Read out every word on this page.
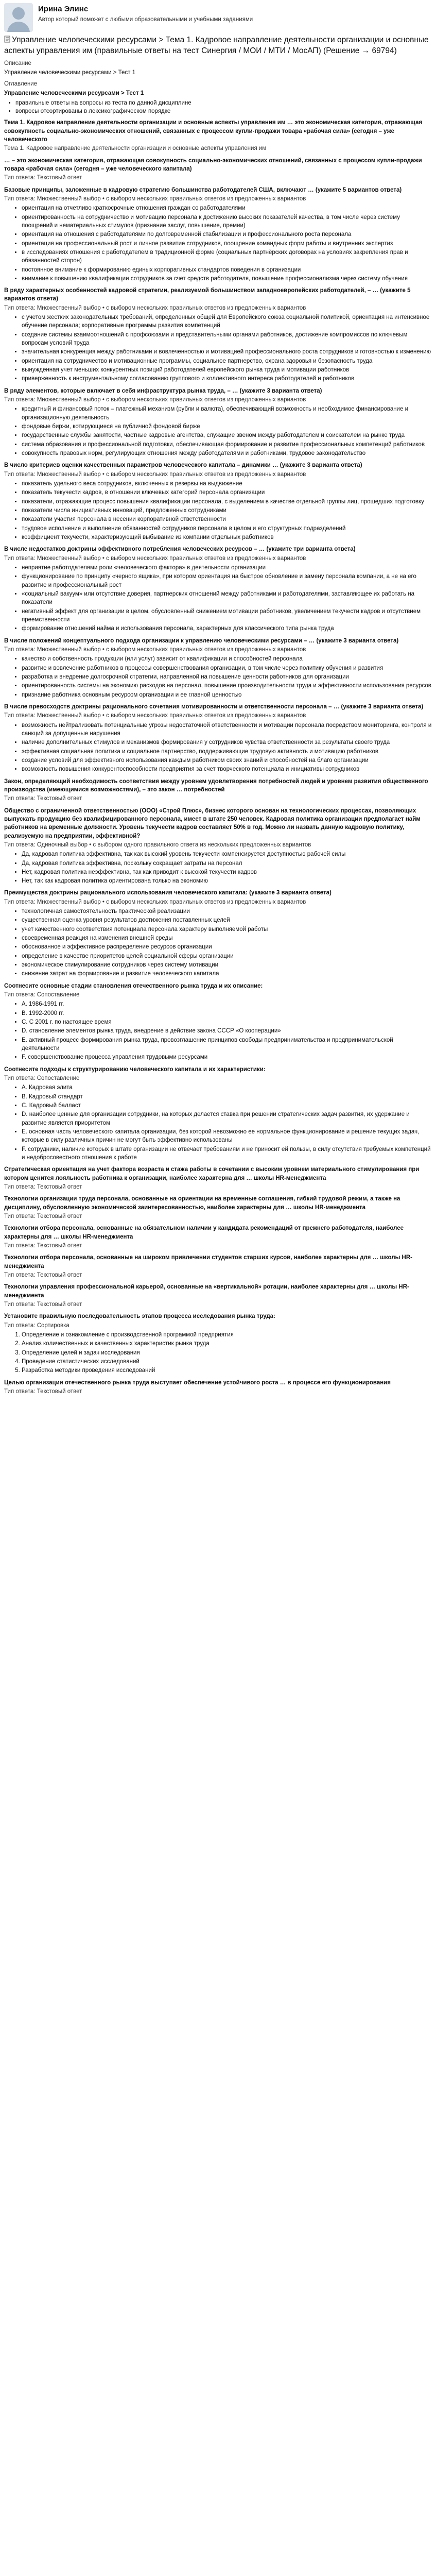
Ирина Элинс
Автор который поможет с любыми образовательными и учебными заданиями
Управление человеческими ресурсами > Тема 1. Кадровое направление деятельности организации и основные аспекты управления им (правильные ответы на тест Синергия / МОИ / МТИ / МосАП) (Решение → 69794)
Описание
Управление человеческими ресурсами > Тест 1
Оглавление
Управление человеческими ресурсами > Тест 1
• правильные ответы на вопросы из теста по данной дисциплине
• вопросы отсортированы в лексикографическом порядке
Тема 1. Кадровое направление деятельности организации и основные аспекты управления им … это экономическая категория, отражающая совокупность социально-экономических отношений, связанных с процессом купли-продажи товара «рабочая сила» (сегодня – уже человеческого
Тема 1. Кадровое направление деятельности организации и основные аспекты управления им
… – это экономическая категория, отражающая совокупность социально-экономических отношений, связанных с процессом купли-продажи товара «рабочая сила» (сегодня – уже человеческого капитала)
Тип ответа: Текcтовый ответ
Базовые принципы, заложенные в кадровую стратегию большинства работодателей США, включают … (укажите 5 вариантов ответа)
Тип ответа: Множественный выбор • с выбором нескольких правильных ответов из предложенных вариантов
• ориентация на отчетливо краткосрочные отношения граждан со работодателями
• ориентированность на сотрудничество и мотивацию персонала к достижению высоких показателей качества, в том числе через систему поощрений и нематериальных стимулов (признание заслуг, повышение, премии)
• ориентация на отношения с работодателями по долговременной стабилизации и профессионального роста персонала
• ориентация на профессиональный рост и личное развитие сотрудников, поощрение командных форм работы и внутренних экспертиз
• в исследованиях отношения с работодателем в традиционной форме (социальных партнёрских договорах на условиях закрепления прав и обязанностей сторон)
• постоянное внимание к формированию единых корпоративных стандартов поведения в организации
• внимание к повышению квалификации сотрудников за счет средств работодателя, повышение профессионализма через систему обучения
В ряду характерных особенностей кадровой стратегии, реализуемой большинством западноевропейских работодателей, – … (укажите 5 вариантов ответа)
Тип ответа: Множественный выбор • с выбором нескольких правильных ответов из предложенных вариантов
• с учетом жестких законодательных требований, определенных общей для Европейского союза социальной политикой, ориентация на интенсивное обучение персонала; корпоративные программы развития компетенций
• создание системы взаимоотношений с профсоюзами и представительными органами работников, достижение компромиссов по ключевым вопросам условий труда
• значительная конкуренция между работниками и вовлеченностью и мотивацией профессионального роста сотрудников и готовностью к изменению
• ориентация на сотрудничество и мотивационные программы, социальное партнерство, охрана здоровья и безопасность труда
• вынужденная учет меньших конкурентных позиций работодателей европейского рынка труда и мотивации работников
• приверженность к инструментальному согласованию группового и коллективного интереса работодателей и работников
В ряду элементов, которые включает в себя инфраструктура рынка труда, – … (укажите 3 варианта ответа)
Тип ответа: Множественный выбор • с выбором нескольких правильных ответов из предложенных вариантов
• кредитный и финансовый поток – платежный механизм (рубли и валюта), обеспечивающий возможность и необходимое финансирование и организационную деятельность
• фондовые биржи, котирующиеся на публичной фондовой бирже
• государственные службы занятости, частные кадровые агентства, служащие звеном между работодателем и соискателем на рынке труда
• система образования и профессиональной подготовки, обеспечивающая формирование и развитие профессиональных компетенций работников
• совокупность правовых норм, регулирующих отношения между работодателями и работниками, трудовое законодательство
В число критериев оценки качественных параметров человеческого капитала – динамики … (укажите 3 варианта ответа)
Тип ответа: Множественный выбор • с выбором нескольких правильных ответов из предложенных вариантов
• показатель удельного веса сотрудников, включенных в резервы на выдвижение
• показатель текучести кадров, в отношении ключевых категорий персонала организации
• показатели, отражающие процесс повышения квалификации персонала, с выделением в качестве отдельной группы лиц, прошедших подготовку
• показатели числа инициативных инноваций, предложенных сотрудниками
• показатели участия персонала в несении корпоративной ответственности
• трудовое исполнение и выполнение обязанностей сотрудников персонала в целом и его структурных подразделений
• коэффициент текучести, характеризующий выбывание из компании отдельных работников
В числе недостатков доктрины эффективного потребления человеческих ресурсов – … (укажите три варианта ответа)
Тип ответа: Множественный выбор • с выбором нескольких правильных ответов из предложенных вариантов
• неприятие работодателями роли «человеческого фактора» в деятельности организации
• функционирование по принципу «черного ящика», при котором ориентация на быстрое обновление и замену персонала компании, а не на его развитие и профессиональный рост
• «социальный вакуум» или отсутствие доверия, партнерских отношений между работниками и работодателями, заставляющее их работать на показатели
• негативный эффект для организации в целом, обусловленный снижением мотивации работников, увеличением текучести кадров и отсутствием преемственности
• формирование отношений найма и использования персонала, характерных для классического типа рынка труда
В числе положений концептуального подхода организации к управлению человеческими ресурсами – … (укажите 3 варианта ответа)
Тип ответа: Множественный выбор • с выбором нескольких правильных ответов из предложенных вариантов
• качество и собственность продукции (или услуг) зависит от квалификации и способностей персонала
• развитие и вовлечение работников в процессы совершенствования организации, в том числе через политику обучения и развития
• разработка и внедрение долгосрочной стратегии, направленной на повышение ценности работников для организации
• ориентированность системы на экономию расходов на персонал, повышение производительности труда и эффективности использования ресурсов
• признание работника основным ресурсом организации и ее главной ценностью
В числе превосходств доктрины рационального сочетания мотивированности и ответственности персонала – … (укажите 3 варианта ответа)
Тип ответа: Множественный выбор • с выбором нескольких правильных ответов из предложенных вариантов
• возможность нейтрализовать потенциальные угрозы недостаточной ответственности и мотивации персонала посредством мониторинга, контроля и санкций за допущенные нарушения
• наличие дополнительных стимулов и механизмов формирования у сотрудников чувства ответственности за результаты своего труда
• эффективная социальная политика и социальное партнерство, поддерживающие трудовую активность и мотивацию работников
• создание условий для эффективного использования каждым работником своих знаний и способностей на благо организации
• возможность повышения конкурентоспособности предприятия за счет творческого потенциала и инициативы сотрудников
Закон, определяющий необходимость соответствия между уровнем удовлетворения потребностей людей и уровнем развития общественного производства (имеющимися возможностями), – это закон … потребностей
Тип ответа: Текcтовый ответ
Общество с ограниченной ответственностью (ООО) «Строй Плюс», бизнес которого основан на технологических процессах, позволяющих выпускать продукцию без квалифицированного персонала, имеет в штате 250 человек. Кадровая политика организации предполагает найм работников на временные должности. Уровень текучести кадров составляет 50% в год. Можно ли назвать данную кадровую политику, реализуемую на предприятии, эффективной?
Тип ответа: Одиночный выбор • с выбором одного правильного ответа из нескольких предложенных вариантов
• Да, кадровая политика эффективна, так как высокий уровень текучести компенсируется доступностью рабочей силы
• Да, кадровая политика эффективна, поскольку сокращает затраты на персонал
• Нет, кадровая политика неэффективна, так как приводит к высокой текучести кадров
• Нет, так как кадровая политика ориентирована только на экономию
Преимущества доктрины рационального использования человеческого капитала: (укажите 3 варианта ответа)
Тип ответа: Множественный выбор • с выбором нескольких правильных ответов из предложенных вариантов
• технологичная самостоятельность практической реализации
• существенная оценка уровня результатов достижения поставленных целей
• учет качественного соответствия потенциала персонала характеру выполняемой работы
• своевременная реакция на изменения внешней среды
• обоснованное и эффективное распределение ресурсов организации
• определение в качестве приоритетов целей социальной сферы организации
• экономическое стимулирование сотрудников через систему мотивации
• снижение затрат на формирование и развитие человеческого капитала
Соотнесите основные стадии становления отечественного рынка труда и их описание:
Тип ответа: Сопоставление
• A. 1986-1991 гг.
• B. 1992-2000 гг.
• C. C 2001 г. по настоящее время
• D. становление элементов рынка труда, внедрение в действие закона СССР «О кооперации»
• E. активный процесс формирования рынка труда, провозглашение принципов свободы предпринимательства и предпринимательской деятельности
• F. совершенствование процесса управления трудовыми ресурсами
Соотнесите подходы к структурированию человеческого капитала и их характеристики:
Тип ответа: Сопоставление
• A. Кадровая элита
• B. Кадровый стандарт
• C. Кадровый балласт
• D. наиболее ценные для организации сотрудники, на которых делается ставка при решении стратегических задач развития, их удержание и развитие является приоритетом
• E. основная часть человеческого капитала организации, без которой невозможно ее нормальное функционирование и решение текущих задач, которые в силу различных причин не могут быть эффективно использованы
• F. сотрудники, наличие которых в штате организации не отвечает требованиям и не приносит ей пользы, в силу отсутствия требуемых компетенций и недобросовестного отношения к работе
Стратегическая ориентация на учет фактора возраста и стажа работы в сочетании с высоким уровнем материального стимулирования при котором ценится лояльность работника к организации, наиболее характерна для … школы НR-менеджмента
Тип ответа: Текcтовый ответ
Технологии организации труда персонала, основанные на ориентации на временные соглашения, гибкий трудовой режим, а также на дисциплину, обусловленную экономической заинтересованностью, наиболее характерны для … школы НR-менеджмента
Тип ответа: Текcтовый ответ
Технологии отбора персонала, основанные на обязательном наличии у кандидата рекомендаций от прежнего работодателя, наиболее характерны для … школы НR-менеджмента
Тип ответа: Текcтовый ответ
Технологии отбора персонала, основанные на широком привлечении студентов старших курсов, наиболее характерны для … школы НR-менеджмента
Тип ответа: Текcтовый ответ
Технологии управления профессиональной карьерой, основанные на «вертикальной» ротации, наиболее характерны для … школы НR-менеджмента
Тип ответа: Текcтовый ответ
Установите правильную последовательность этапов процесса исследования рынка труда:
Тип ответа: Сортировка
1. Определение и ознакомление с производственной программой предприятия
2. Анализ количественных и качественных характеристик рынка труда
3. Определение целей и задач исследования
4. Проведение статистических исследований
5. Разработка методики проведения исследований
Целью организации отечественного рынка труда выступает обеспечение устойчивого роста … в процессе его функционирования
Тип ответа: Текcтовый ответ
